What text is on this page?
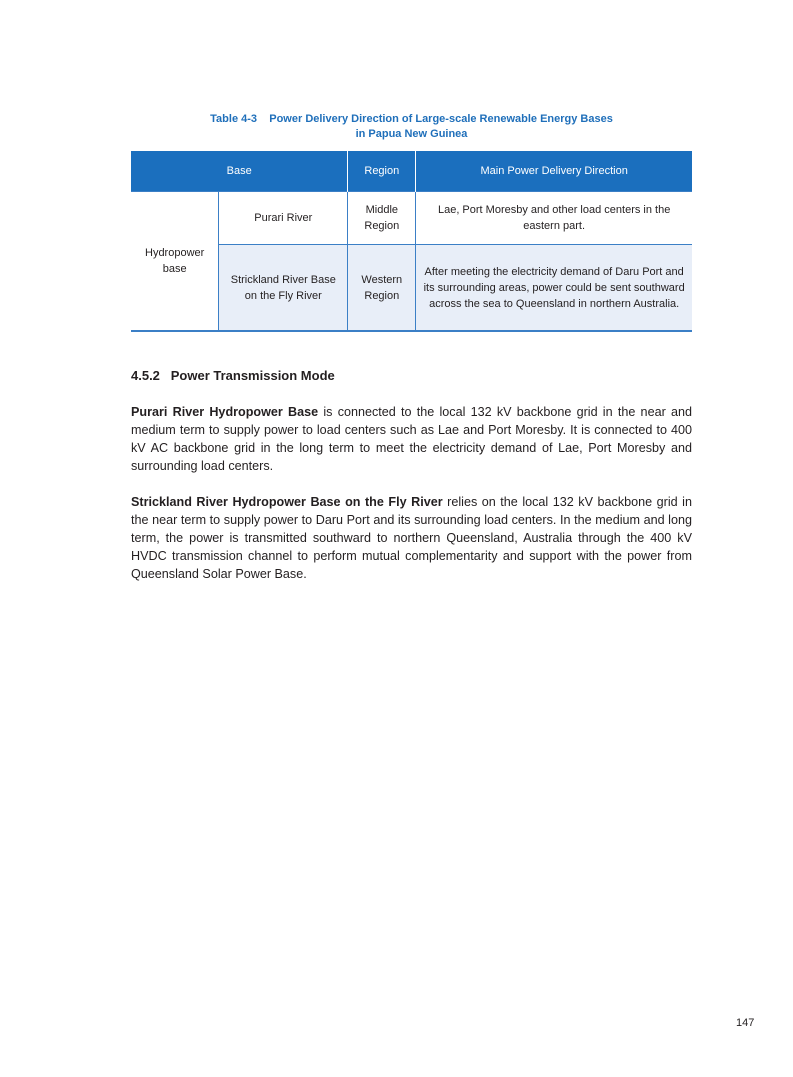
Table 4-3    Power Delivery Direction of Large-scale Renewable Energy Bases
in Papua New Guinea
Base		Region	Main Power Delivery Direction
Hydropower base	Purari River	Middle Region	Lae, Port Moresby and other load centers in the eastern part.
	Strickland River Base on the Fly River	Western Region	After meeting the electricity demand of Daru Port and its surrounding areas, power could be sent southward across the sea to Queensland in northern Australia.
4.5.2   Power Transmission Mode

Purari River Hydropower Base is connected to the local 132 kV backbone grid in the near and medium term to supply power to load centers such as Lae and Port Moresby. It is connected to 400 kV AC backbone grid in the long term to meet the electricity demand of Lae, Port Moresby and surrounding load centers.

Strickland River Hydropower Base on the Fly River relies on the local 132 kV backbone grid in the near term to supply power to Daru Port and its surrounding load centers. In the medium and long term, the power is transmitted southward to northern Queensland, Australia through the 400 kV HVDC transmission channel to perform mutual complementarity and support with the power from Queensland Solar Power Base.

147
